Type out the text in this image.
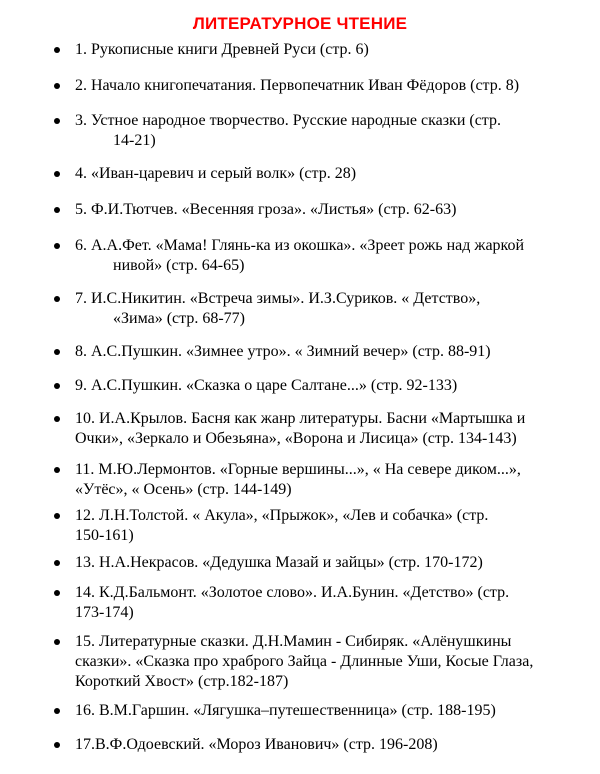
ЛИТЕРАТУРНОЕ ЧТЕНИЕ
1. Рукописные книги Древней Руси (стр. 6)
2. Начало книгопечатания. Первопечатник Иван Фёдоров (стр. 8)
3. Устное народное творчество. Русские народные сказки (стр.
14-21)
4. «Иван-царевич и серый волк» (стр. 28)
5. Ф.И.Тютчев. «Весенняя гроза». «Листья» (стр. 62-63)
6. А.А.Фет. «Мама! Глянь-ка из окошка». «Зреет рожь над жаркой
нивой» (стр. 64-65)
7. И.С.Никитин. «Встреча зимы». И.З.Суриков. « Детство»,
«Зима» (стр. 68-77)
8. А.С.Пушкин. «Зимнее утро». « Зимний вечер» (стр. 88-91)
9. А.С.Пушкин. «Сказка о царе Салтане...» (стр. 92-133)
10. И.А.Крылов. Басня как жанр литературы. Басни «Мартышка и
Очки», «Зеркало и Обезьяна», «Ворона и Лисица» (стр. 134-143)
11. М.Ю.Лермонтов. «Горные вершины...», « На севере диком...»,
«Утёс», « Осень» (стр. 144-149)
12. Л.Н.Толстой. « Акула», «Прыжок», «Лев и собачка» (стр.
150-161)
13. Н.А.Некрасов. «Дедушка Мазай и зайцы» (стр. 170-172)
14. К.Д.Бальмонт. «Золотое слово». И.А.Бунин. «Детство» (стр.
173-174)
15. Литературные сказки. Д.Н.Мамин - Сибиряк. «Алёнушкины
сказки». «Сказка про храброго Зайца - Длинные Уши, Косые Глаза,
Короткий Хвост» (стр.182-187)
16. В.М.Гаршин. «Лягушка–путешественница» (стр. 188-195)
17.В.Ф.Одоевский. «Мороз Иванович» (стр. 196-208)
